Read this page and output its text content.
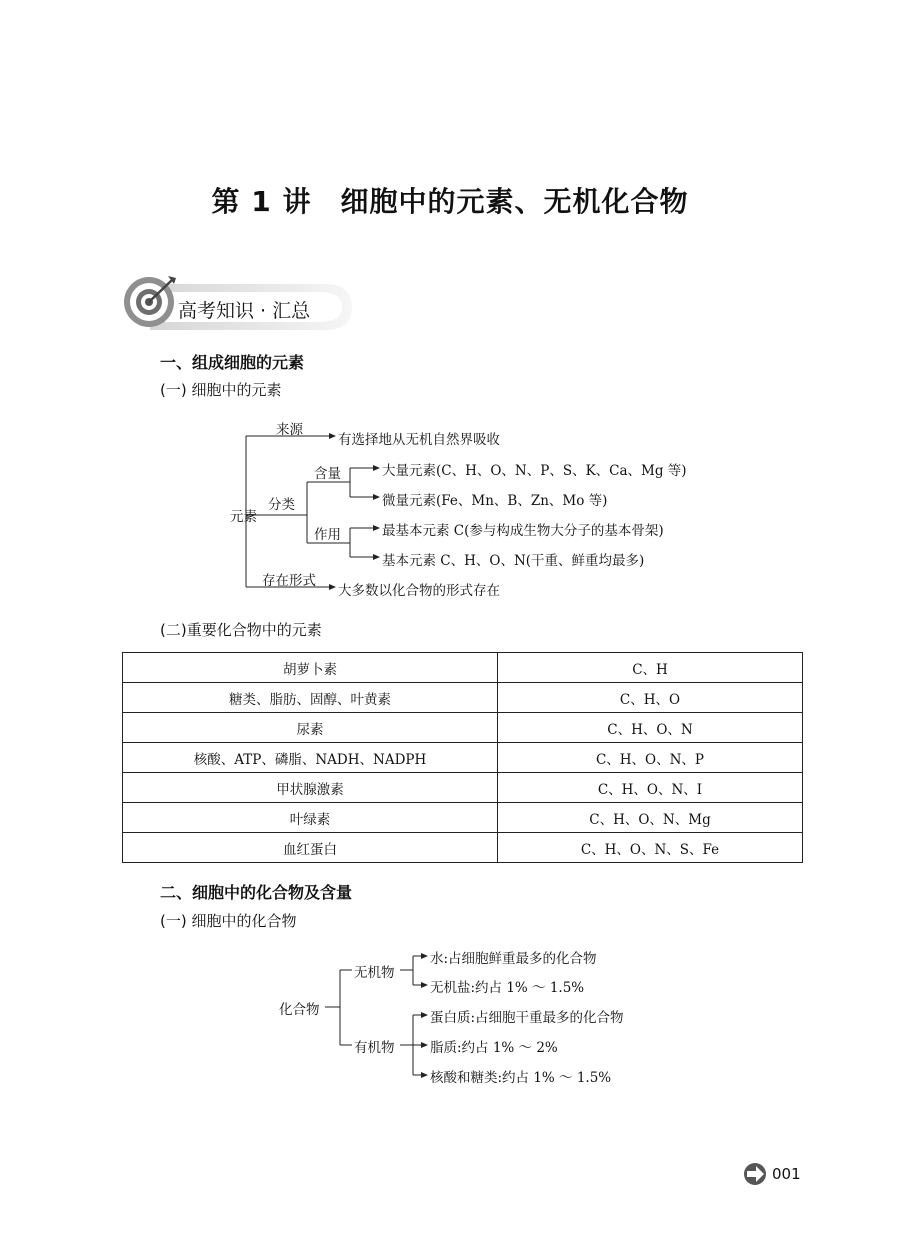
第 1 讲　细胞中的元素、无机化合物
高考知识 · 汇总
一、组成细胞的元素
(一) 细胞中的元素
元素
来源
有选择地从无机自然界吸收
分类
含量	大量元素(C、H、O、N、P、S、K、Ca、Mg 等)
微量元素(Fe、Mn、B、Zn、Mo 等)
作用	最基本元素 C(参与构成生物大分子的基本骨架)
基本元素 C、H、O、N(干重、鲜重均最多)
存在形式
大多数以化合物的形式存在
(二)重要化合物中的元素
胡萝卜素	C、H
糖类、脂肪、固醇、叶黄素	C、H、O
尿素	C、H、O、N
核酸、ATP、磷脂、NADH、NADPH	C、H、O、N、P
甲状腺激素	C、H、O、N、I
叶绿素	C、H、O、N、Mg
血红蛋白	C、H、O、N、S、Fe
二、细胞中的化合物及含量
(一) 细胞中的化合物
化合物
无机物
水:占细胞鲜重最多的化合物
无机盐:约占 1% ～ 1.5%
有机物
蛋白质:占细胞干重最多的化合物
脂质:约占 1% ～ 2%
核酸和糖类:约占 1% ～ 1.5%
001
